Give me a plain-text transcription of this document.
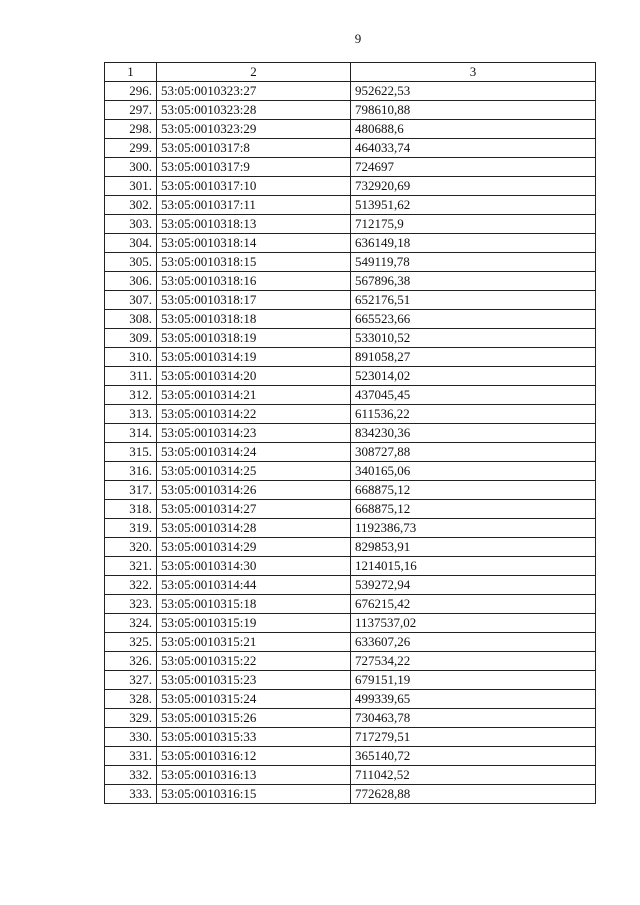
9
1	2	3
296.	53:05:0010323:27	952622,53
297.	53:05:0010323:28	798610,88
298.	53:05:0010323:29	480688,6
299.	53:05:0010317:8	464033,74
300.	53:05:0010317:9	724697
301.	53:05:0010317:10	732920,69
302.	53:05:0010317:11	513951,62
303.	53:05:0010318:13	712175,9
304.	53:05:0010318:14	636149,18
305.	53:05:0010318:15	549119,78
306.	53:05:0010318:16	567896,38
307.	53:05:0010318:17	652176,51
308.	53:05:0010318:18	665523,66
309.	53:05:0010318:19	533010,52
310.	53:05:0010314:19	891058,27
311.	53:05:0010314:20	523014,02
312.	53:05:0010314:21	437045,45
313.	53:05:0010314:22	611536,22
314.	53:05:0010314:23	834230,36
315.	53:05:0010314:24	308727,88
316.	53:05:0010314:25	340165,06
317.	53:05:0010314:26	668875,12
318.	53:05:0010314:27	668875,12
319.	53:05:0010314:28	1192386,73
320.	53:05:0010314:29	829853,91
321.	53:05:0010314:30	1214015,16
322.	53:05:0010314:44	539272,94
323.	53:05:0010315:18	676215,42
324.	53:05:0010315:19	1137537,02
325.	53:05:0010315:21	633607,26
326.	53:05:0010315:22	727534,22
327.	53:05:0010315:23	679151,19
328.	53:05:0010315:24	499339,65
329.	53:05:0010315:26	730463,78
330.	53:05:0010315:33	717279,51
331.	53:05:0010316:12	365140,72
332.	53:05:0010316:13	711042,52
333.	53:05:0010316:15	772628,88
